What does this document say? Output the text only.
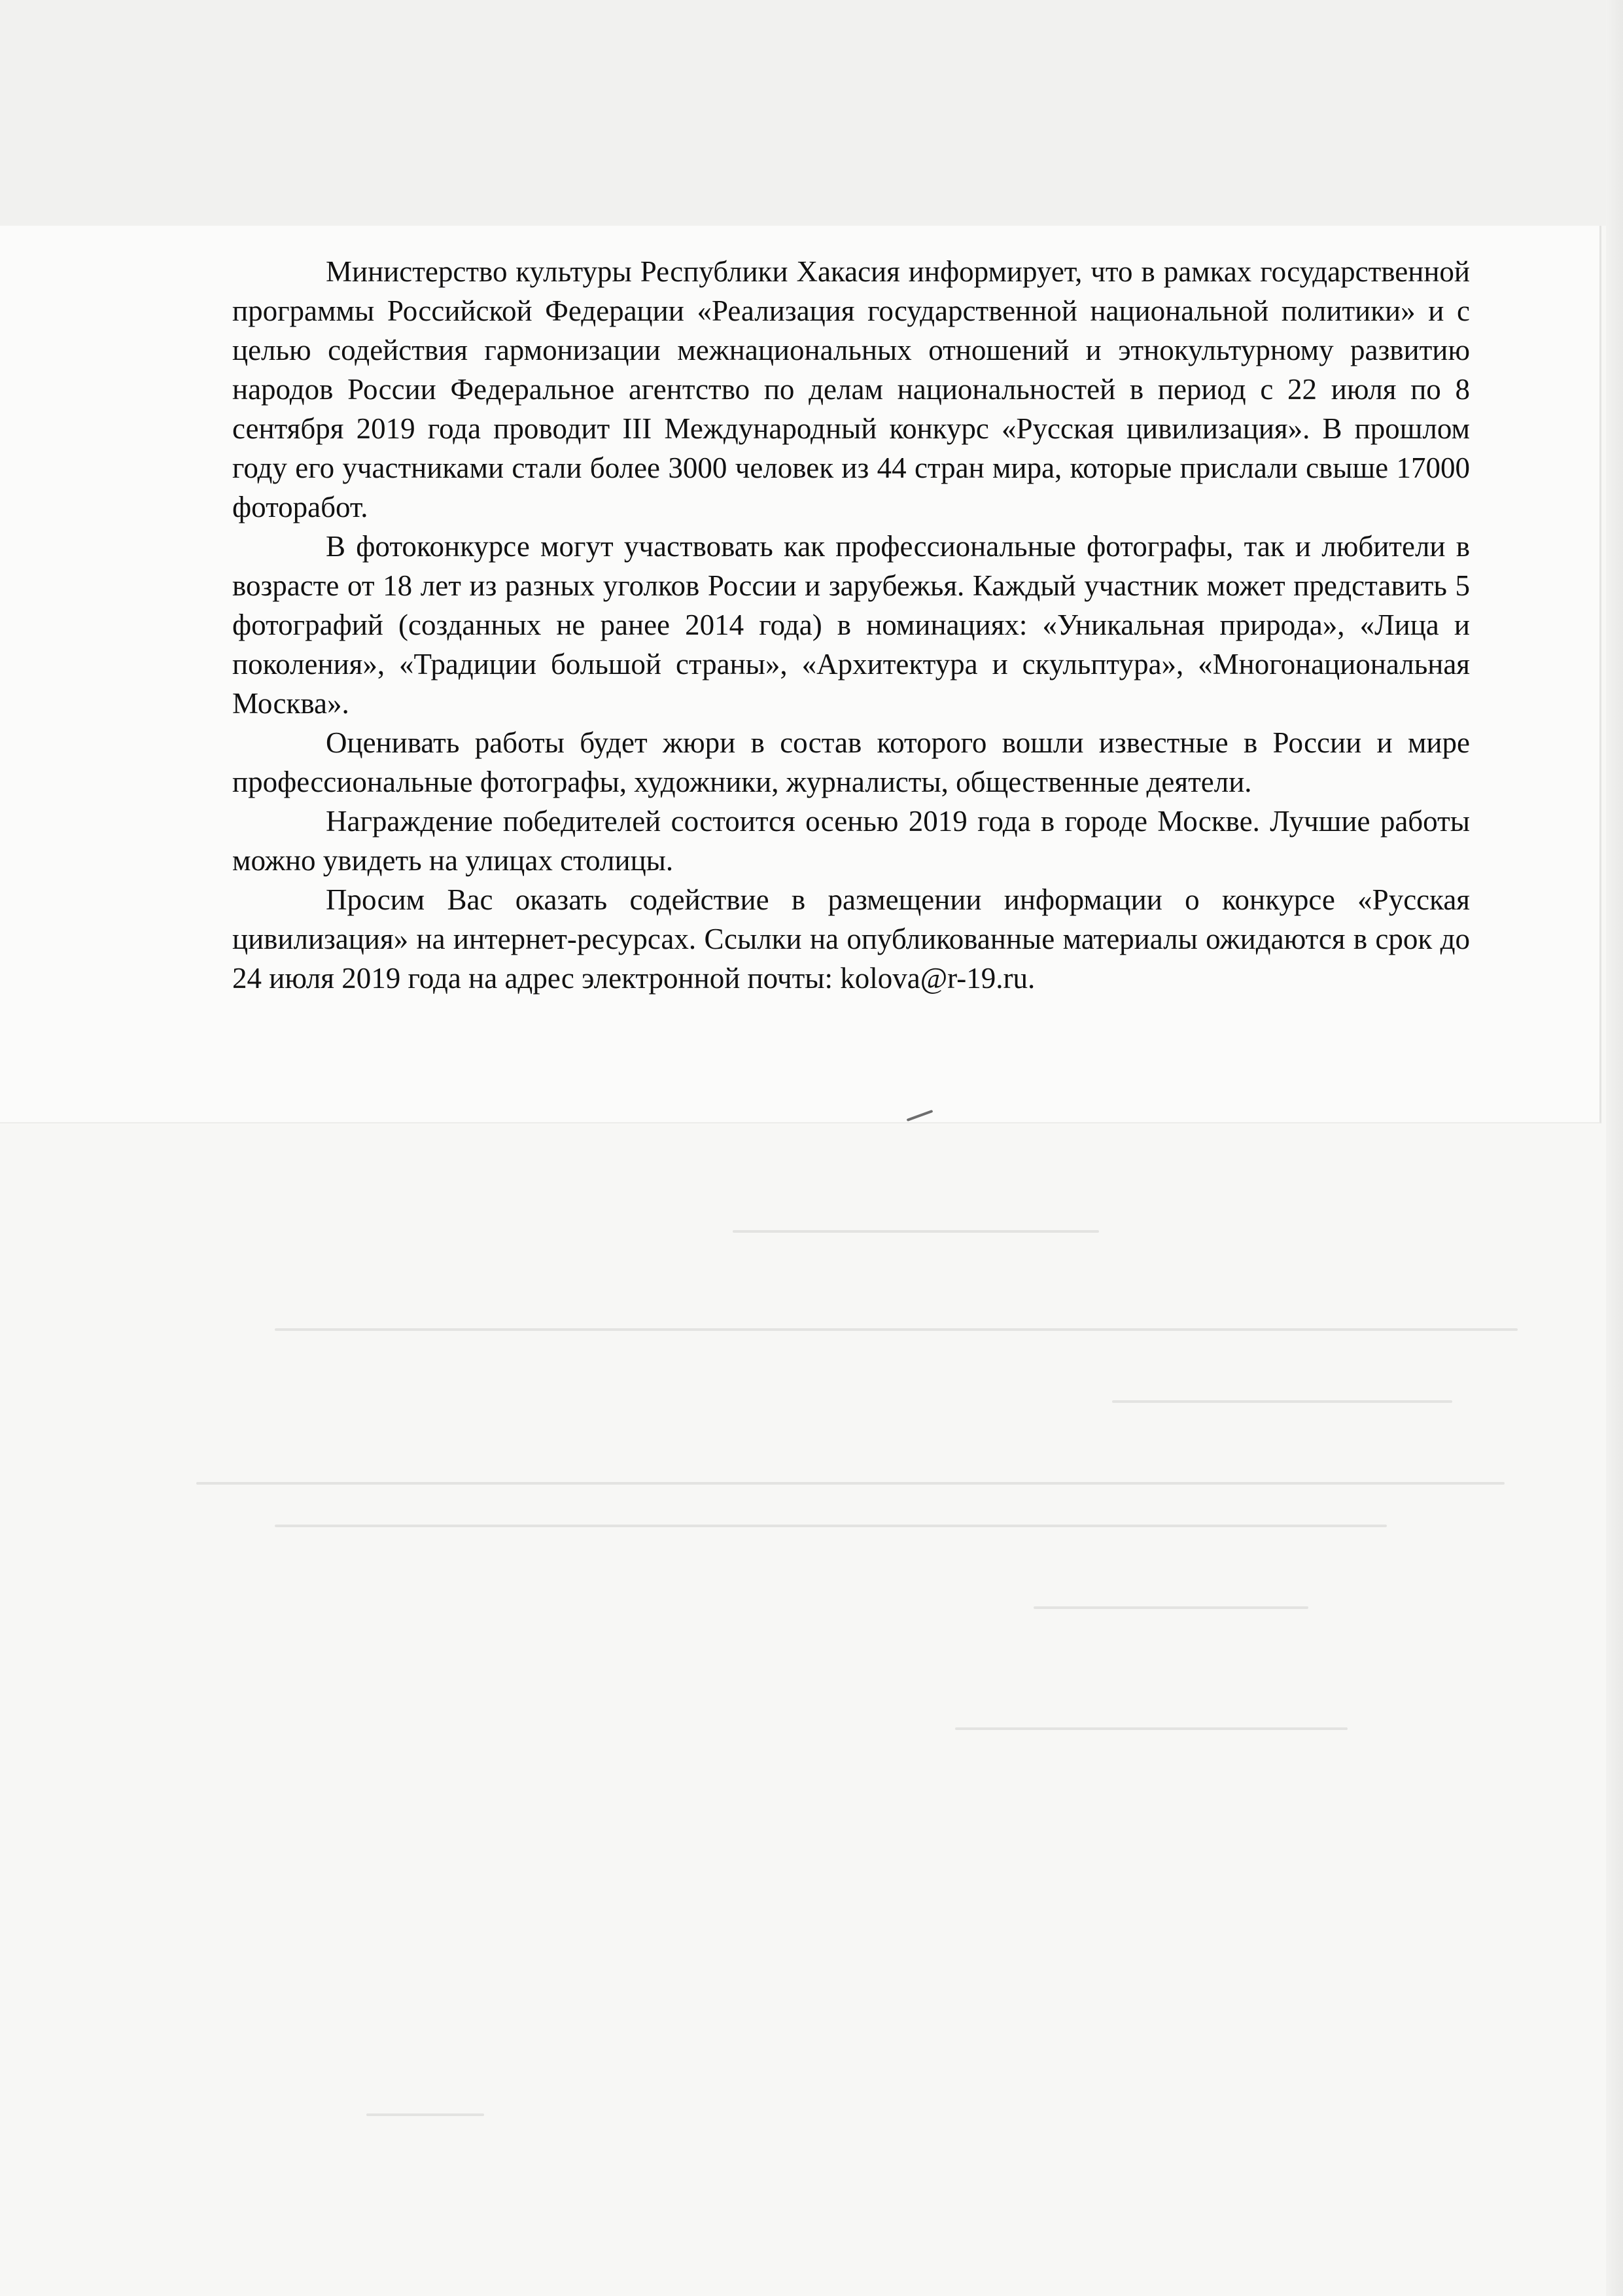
Министерство культуры Республики Хакасия информирует, что в рамках государственной программы Российской Федерации «Реализация государственной национальной политики» и с целью содействия гармонизации межнациональных отношений и этнокультурному развитию народов России Федеральное агентство по делам национальностей в период с 22 июля по 8 сентября 2019 года проводит III Международный конкурс «Русская цивилизация». В прошлом году его участниками стали более 3000 человек из 44 стран мира, которые прислали свыше 17000 фоторабот.

В фотоконкурсе могут участвовать как профессиональные фотографы, так и любители в возрасте от 18 лет из разных уголков России и зарубежья. Каждый участник может представить 5 фотографий (созданных не ранее 2014 года) в номинациях: «Уникальная природа», «Лица и поколения», «Традиции большой страны», «Архитектура и скульптура», «Многонациональная Москва».

Оценивать работы будет жюри в состав которого вошли известные в России и мире профессиональные фотографы, художники, журналисты, общественные деятели.

Награждение победителей состоится осенью 2019 года в городе Москве. Лучшие работы можно увидеть на улицах столицы.

Просим Вас оказать содействие в размещении информации о конкурсе «Русская цивилизация» на интернет-ресурсах. Ссылки на опубликованные материалы ожидаются в срок до 24 июля 2019 года на адрес электронной почты: kolova@r-19.ru.
